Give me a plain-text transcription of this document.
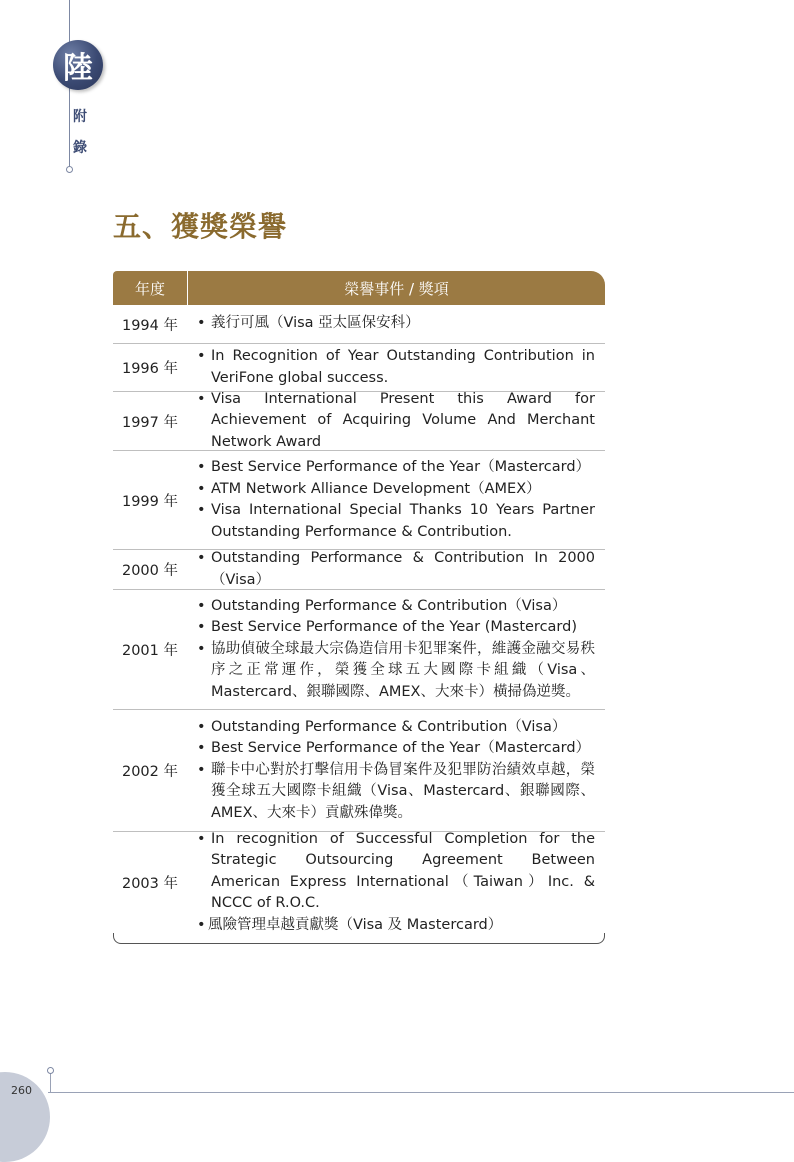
陸
附
錄
五、獲獎榮譽
年度	榮譽事件 / 獎項
1994 年	• 義行可風（Visa 亞太區保安科）
1996 年
• In Recognition of Year Outstanding Contribution in VeriFone global success.
1997 年
• Visa International Present this Award for Achievement of Acquiring Volume And Merchant Network Award
1999 年
• Best Service Performance of the Year（Mastercard）
• ATM Network Alliance Development（AMEX）
• Visa International Special Thanks 10 Years Partner Outstanding Performance & Contribution.
2000 年
• Outstanding Performance & Contribution In 2000（Visa）
2001 年
• Outstanding Performance & Contribution（Visa）
• Best Service Performance of the Year (Mastercard)
• 協助偵破全球最大宗偽造信用卡犯罪案件，維護金融交易秩序之正常運作，榮獲全球五大國際卡組織（Visa、Mastercard、銀聯國際、AMEX、大來卡）橫掃偽逆獎。
2002 年
• Outstanding Performance & Contribution（Visa）
• Best Service Performance of the Year（Mastercard）
• 聯卡中心對於打擊信用卡偽冒案件及犯罪防治績效卓越，榮獲全球五大國際卡組織（Visa、Mastercard、銀聯國際、AMEX、大來卡）貢獻殊偉獎。
2003 年
• In recognition of Successful Completion for the Strategic Outsourcing Agreement Between American Express International（Taiwan）Inc. & NCCC of R.O.C.
• 風險管理卓越貢獻獎（Visa 及 Mastercard）
260
